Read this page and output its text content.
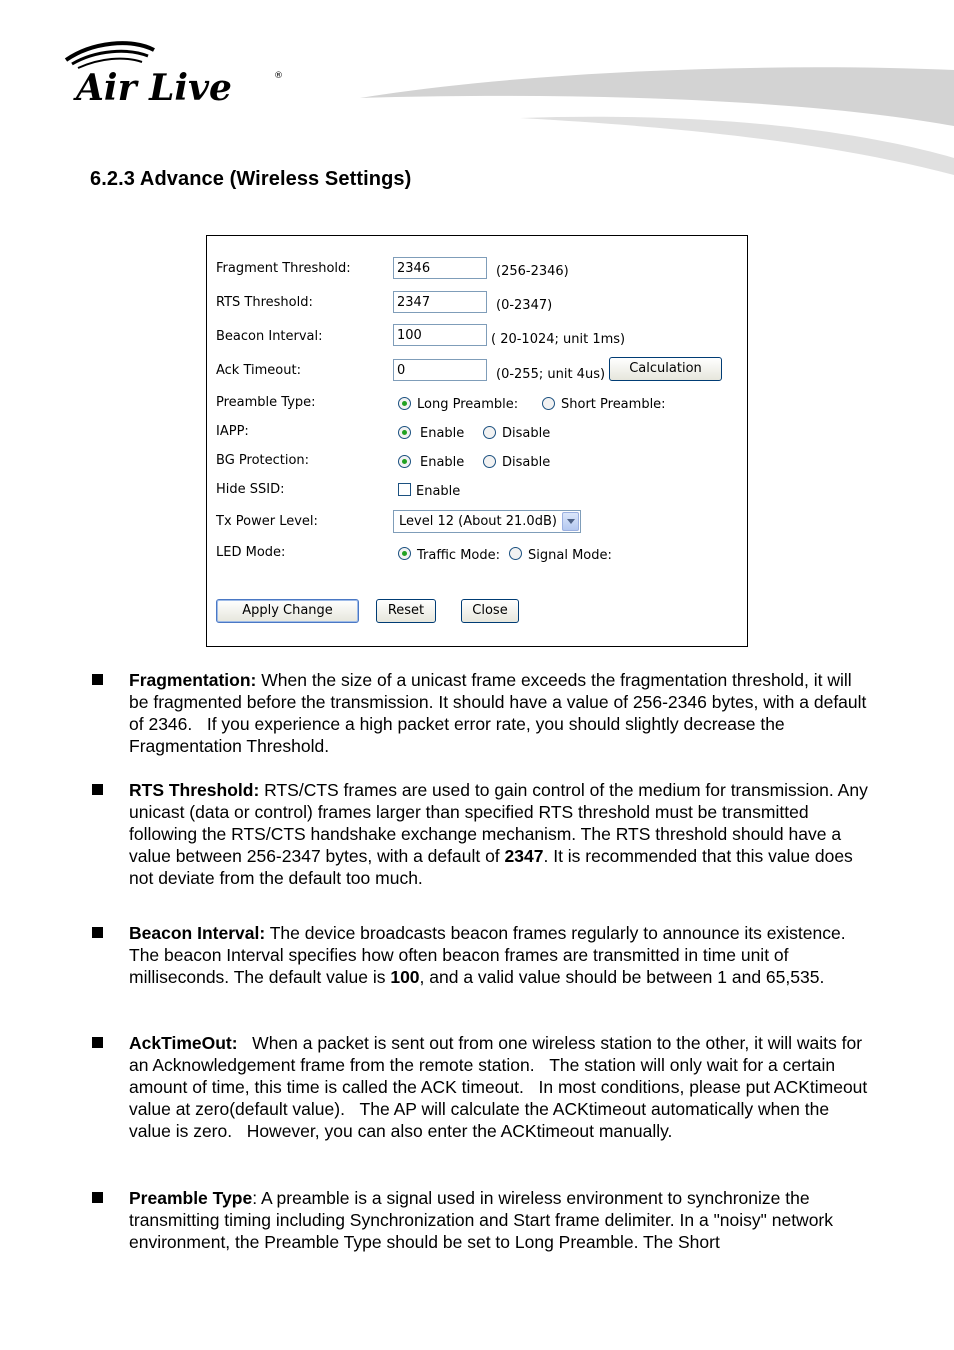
Air Live	®
6.2.3 Advance (Wireless Settings)
Fragment Threshold:
2346	(256-2346)
RTS Threshold:
2347	(0-2347)
Beacon Interval:
100	( 20-1024; unit 1ms)
Ack Timeout:
0	(0-255; unit 4us)	Calculation
Preamble Type:	Long Preamble:	Short Preamble:
IAPP:	Enable	Disable
BG Protection:	Enable	Disable
Hide SSID:	Enable
Tx Power Level:	Level 12 (About 21.0dB)
LED Mode:	Traffic Mode: Signal Mode:
Apply Change	Reset	Close
Fragmentation: When the size of a unicast frame exceeds the fragmentation threshold, it will be fragmented before the transmission. It should have a value of 256-2346 bytes, with a default of 2346.   If you experience a high packet error rate, you should slightly decrease the Fragmentation Threshold.
RTS Threshold: RTS/CTS frames are used to gain control of the medium for transmission. Any unicast (data or control) frames larger than specified RTS threshold must be transmitted following the RTS/CTS handshake exchange mechanism. The RTS threshold should have a value between 256-2347 bytes, with a default of 2347. It is recommended that this value does not deviate from the default too much.
Beacon Interval: The device broadcasts beacon frames regularly to announce its existence. The beacon Interval specifies how often beacon frames are transmitted in time unit of milliseconds. The default value is 100, and a valid value should be between 1 and 65,535.
AckTimeOut:   When a packet is sent out from one wireless station to the other, it will waits for an Acknowledgement frame from the remote station.   The station will only wait for a certain amount of time, this time is called the ACK timeout.   In most conditions, please put ACKtimeout value at zero(default value).   The AP will calculate the ACKtimeout automatically when the value is zero.   However, you can also enter the ACKtimeout manually.
Preamble Type: A preamble is a signal used in wireless environment to synchronize the transmitting timing including Synchronization and Start frame delimiter. In a "noisy" network environment, the Preamble Type should be set to Long Preamble. The Short
